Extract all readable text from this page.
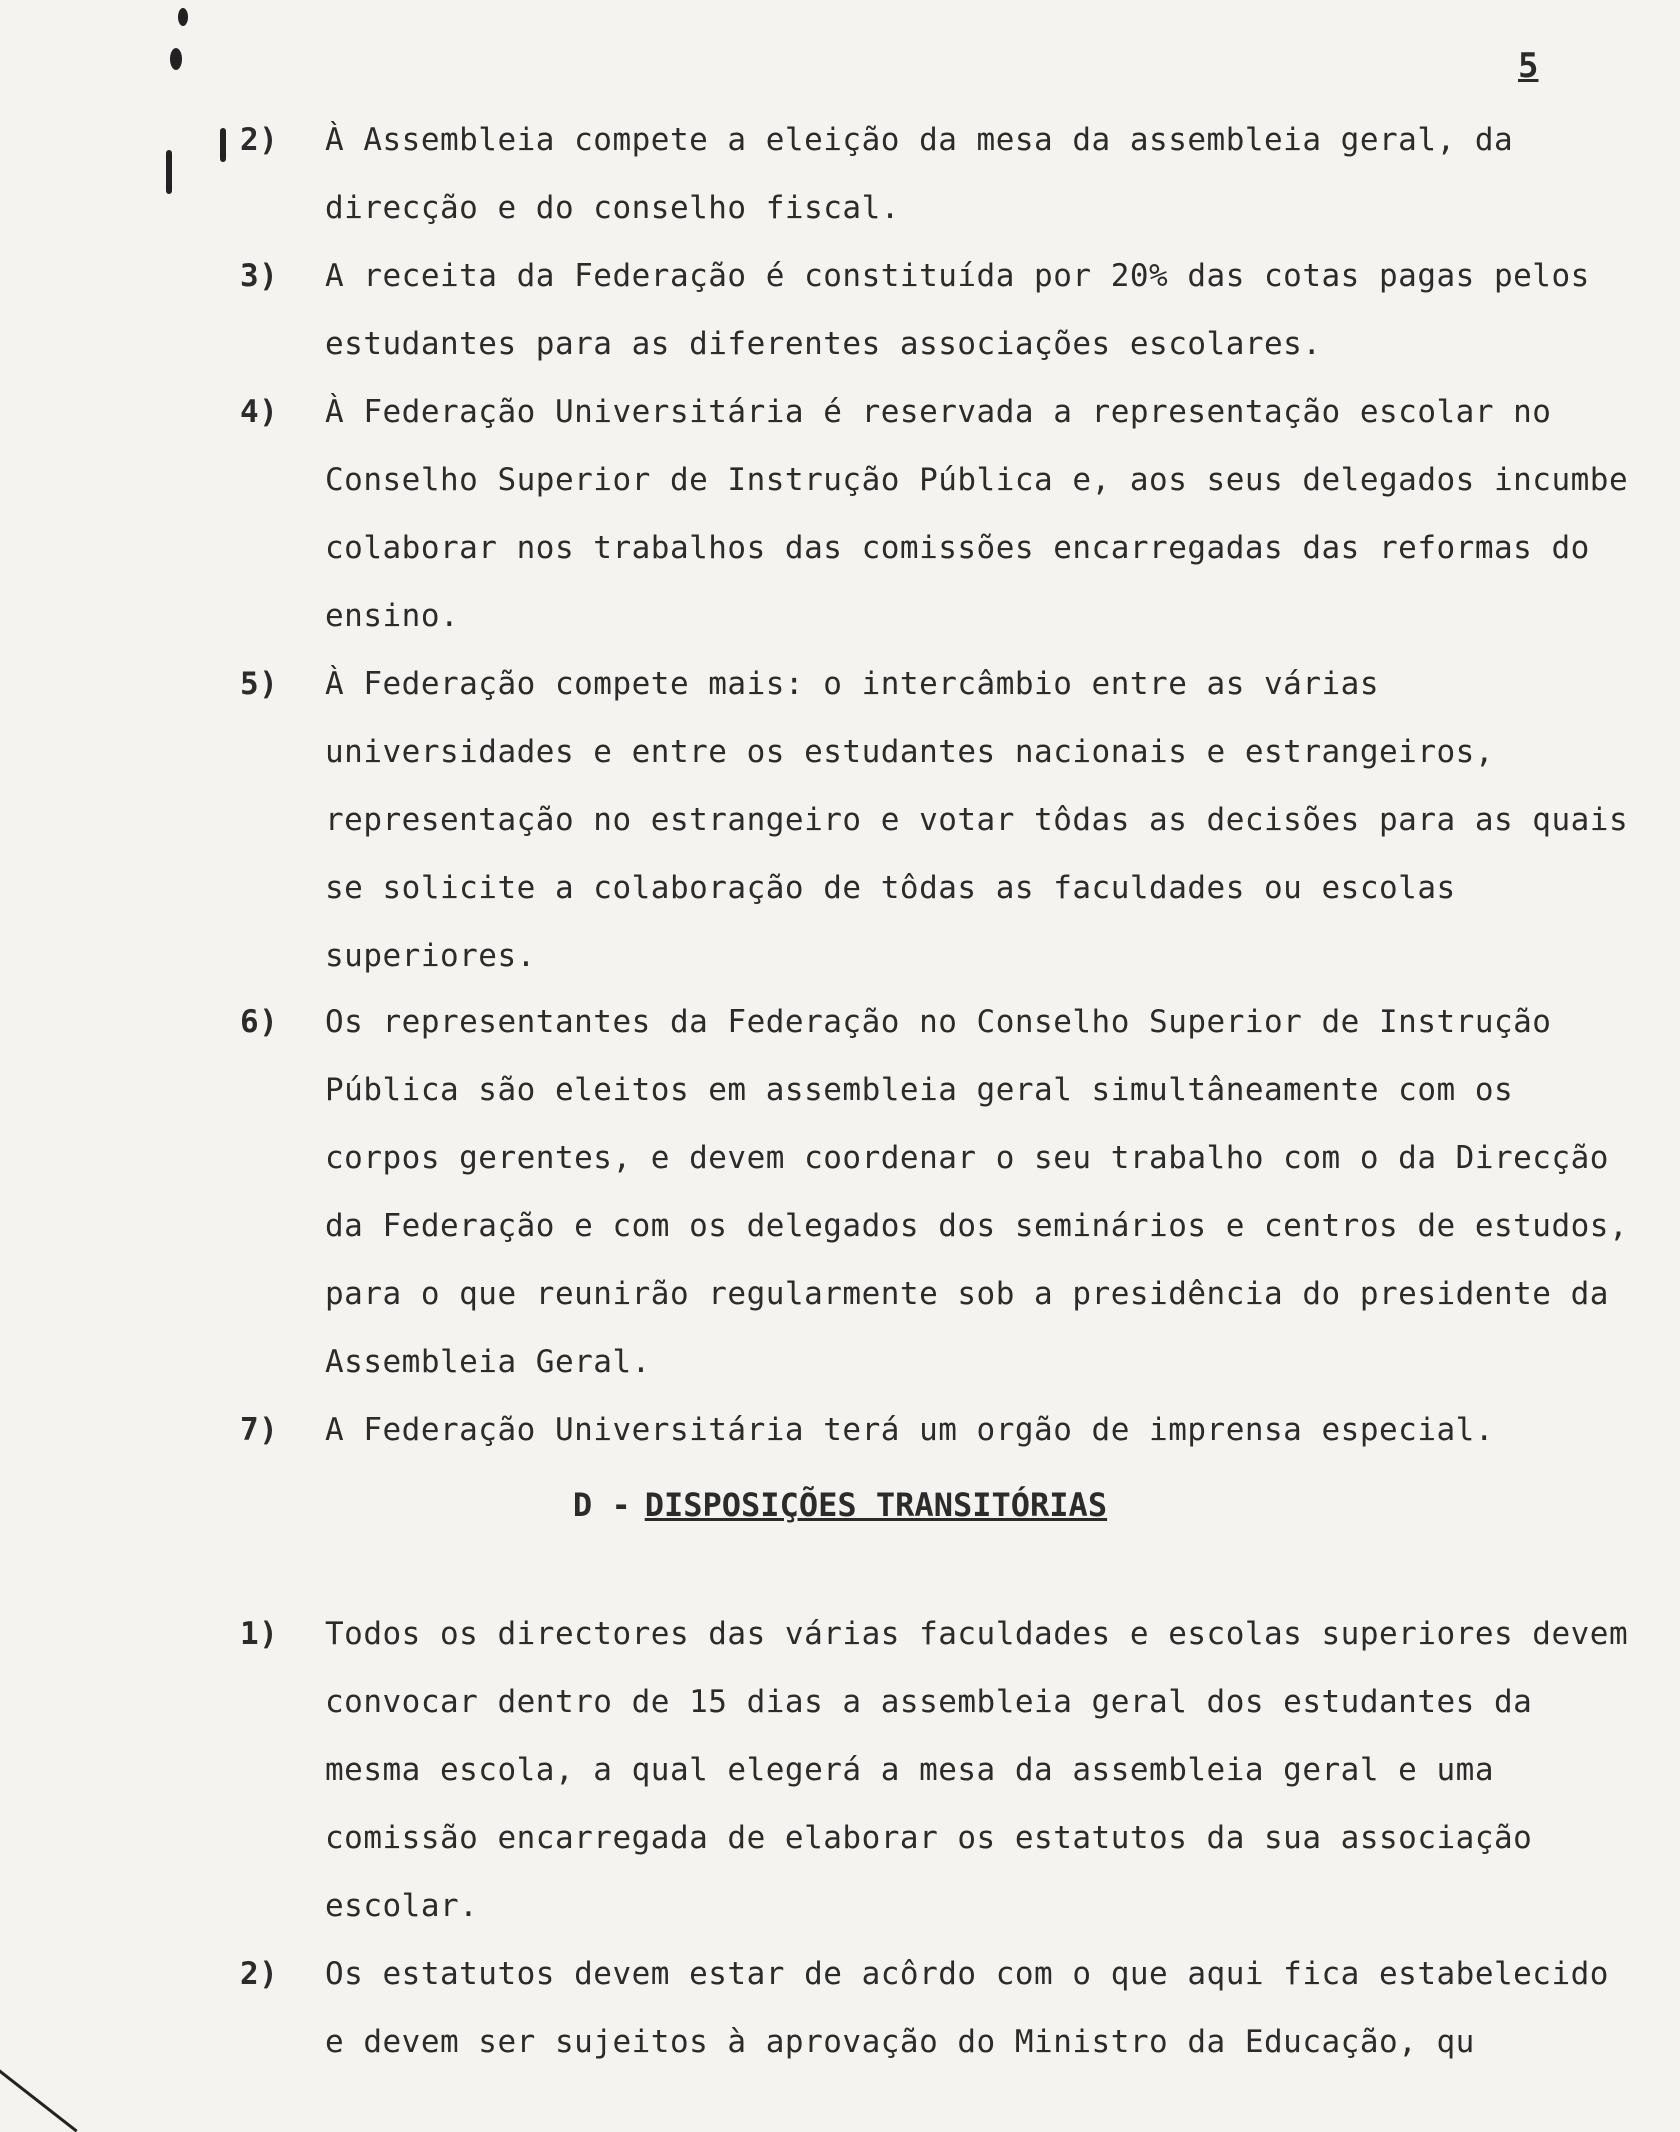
5
2)	À Assembleia compete a eleição da mesa da assembleia geral, da direcção e do conselho fiscal.
3)	A receita da Federação é constituída por 20% das cotas pagas pelos estudantes para as diferentes associações escolares.
4)	À Federação Universitária é reservada a representação escolar no Conselho Superior de Instrução Pública e, aos seus delegados incumbe colaborar nos trabalhos das comissões encarregadas das reformas do ensino.
5)	À Federação compete mais: o intercâmbio entre as várias universidades e entre os estudantes nacionais e estrangeiros, representação no estrangeiro e votar tôdas as decisões para as quais se solicite a colaboração de tôdas as faculdades ou escolas superiores.
6)	Os representantes da Federação no Conselho Superior de Instrução Pública são eleitos em assembleia geral simultâneamente com os corpos gerentes, e devem coordenar o seu trabalho com o da Direcção da Federação e com os delegados dos seminários e centros de estudos, para o que reunirão regularmente sob a presidência do presidente da Assembleia Geral.
7)	A Federação Universitária terá um orgão de imprensa especial.
D - DISPOSIÇÕES TRANSITÓRIAS
1)	Todos os directores das várias faculdades e escolas superiores devem convocar dentro de 15 dias a assembleia geral dos estudantes da mesma escola, a qual elegerá a mesa da assembleia geral e uma comissão encarregada de elaborar os estatutos da sua associação escolar.
2)	Os estatutos devem estar de acôrdo com o que aqui fica estabelecido e devem ser sujeitos à aprovação do Ministro da Educação, qu
